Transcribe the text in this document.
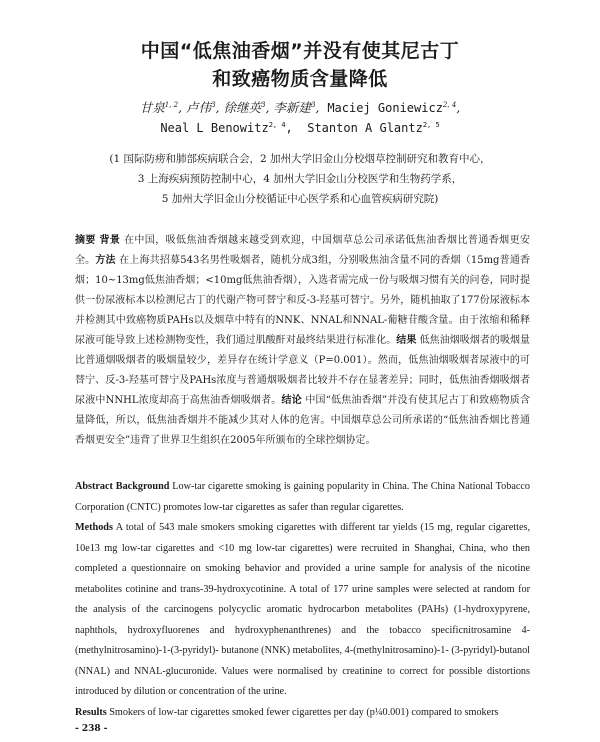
中国“低焦油香烟”并没有使其尼古丁
和致癌物质含量降低
甘泉$^{1, 2}$, 卢伟$^3$, 徐继英$^3$, 李新建$^3$,  Maciej Goniewicz$^{2, 4}$,
Neal L Benowitz$^{2, 4}$,  Stanton A Glantz$^{2, 5}$
(1 国际防痨和肺部疾病联合会，2 加州大学旧金山分校烟草控制研究和教育中心，
3 上海疾病预防控制中心，4 加州大学旧金山分校医学和生物药学系，
5 加州大学旧金山分校循证中心医学系和心血管疾病研究院)
摘要 背景 在中国，吸低焦油香烟越来越受到欢迎，中国烟草总公司承诺低焦油香烟比普通香烟更安全。方法 在上海共招募543名男性吸烟者，随机分成3组，分别吸焦油含量不同的香烟（15mg普通香烟；10~13mg低焦油香烟；<10mg低焦油香烟），入选者需完成一份与吸烟习惯有关的问卷，同时提供一份尿液标本以检测尼古丁的代谢产物可替宁和反-3-羟基可替宁。另外，随机抽取了177份尿液标本并检测其中致癌物质PAHs以及烟草中特有的NNK、NNAL和NNAL-葡糖苷酸含量。由于浓缩和稀释尿液可能导致上述检测物变性，我们通过肌酸酐对最终结果进行标准化。结果 低焦油烟吸烟者的吸烟量比普通烟吸烟者的吸烟量较少，差异存在统计学意义（P=0.001）。然而，低焦油烟吸烟者尿液中的可替宁、反-3-羟基可替宁及PAHs浓度与普通烟吸烟者比较并不存在显著差异；同时，低焦油香烟吸烟者尿液中NNHL浓度却高于高焦油香烟吸烟者。结论 中国“低焦油香烟”并没有使其尼古丁和致癌物质含量降低，所以，低焦油香烟并不能减少其对人体的危害。中国烟草总公司所承诺的“低焦油香烟比普通香烟更安全”违背了世界卫生组织在2005年所颁布的全球控烟协定。
Abstract Background Low-tar cigarette smoking is gaining popularity in China. The China National Tobacco Corporation (CNTC) promotes low-tar cigarettes as safer than regular cigarettes.
Methods A total of 543 male smokers smoking cigarettes with different tar yields (15 mg, regular cigarettes, 10e13 mg low-tar cigarettes and <10 mg low-tar cigarettes) were recruited in Shanghai, China, who then completed a questionnaire on smoking behavior and provided a urine sample for analysis of the nicotine metabolites cotinine and trans-39-hydroxycotinine. A total of 177 urine samples were selected at random for the analysis of the carcinogens polycyclic aromatic hydrocarbon metabolites (PAHs) (1-hydroxypyrene, naphthols, hydroxyfluorenes and hydroxyphenanthrenes) and the tobacco specificnitrosamine 4-(methylnitrosamino)-1-(3-pyridyl)- butanone (NNK) metabolites, 4-(methylnitrosamino)-1- (3-pyridyl)-butanol (NNAL) and NNAL-glucuronide. Values were normalised by creatinine to correct for possible distortions introduced by dilution or concentration of the urine.
Results Smokers of low-tar cigarettes smoked fewer cigarettes per day (p¼0.001) compared to smokers
- 238 -
